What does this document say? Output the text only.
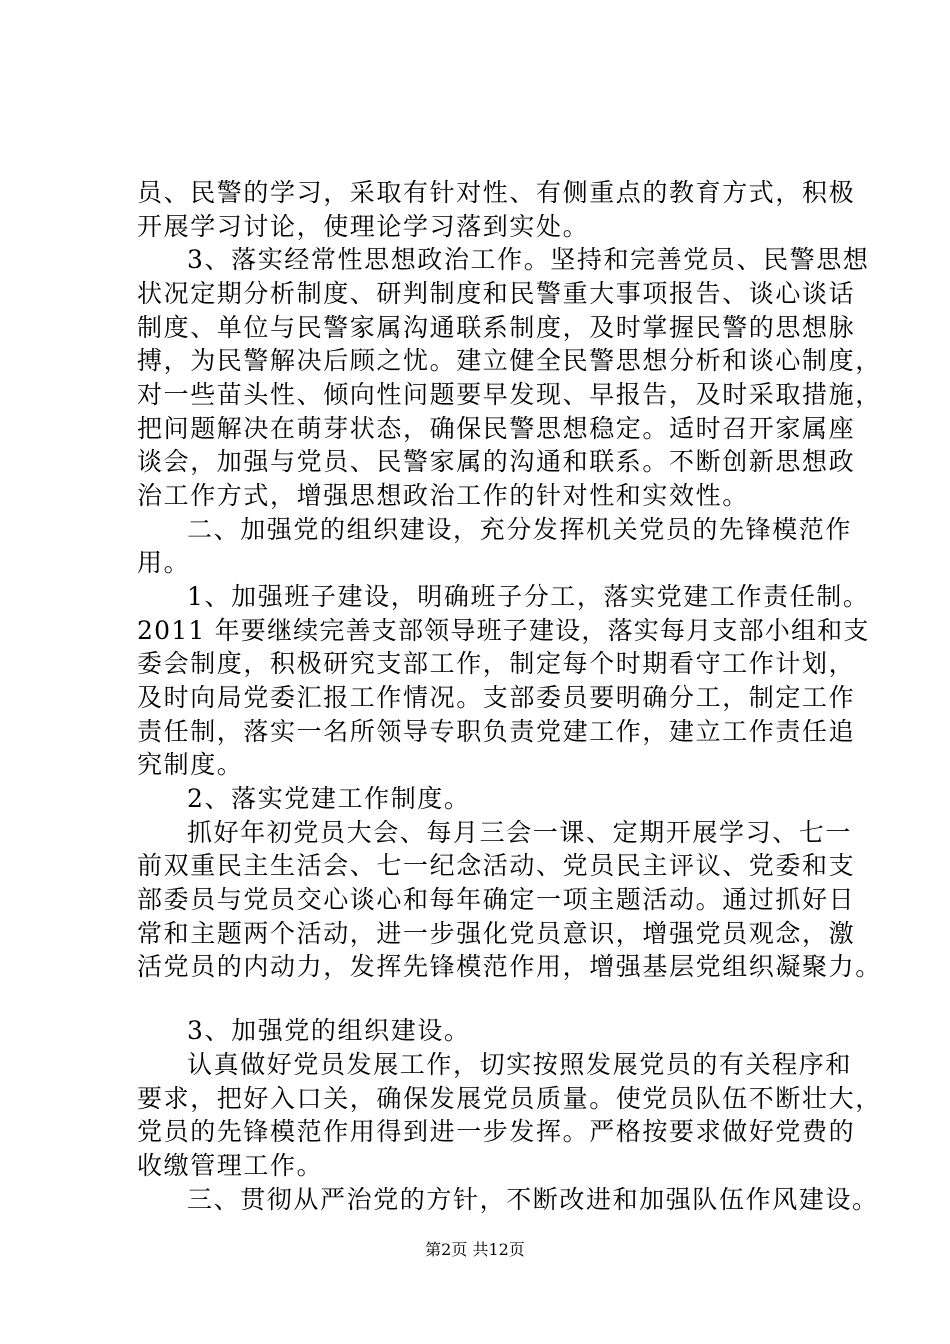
员、民警的学习，采取有针对性、有侧重点的教育方式，积极
开展学习讨论，使理论学习落到实处。
3、落实经常性思想政治工作。坚持和完善党员、民警思想
状况定期分析制度、研判制度和民警重大事项报告、谈心谈话
制度、单位与民警家属沟通联系制度，及时掌握民警的思想脉
搏，为民警解决后顾之忧。建立健全民警思想分析和谈心制度，
对一些苗头性、倾向性问题要早发现、早报告，及时采取措施，
把问题解决在萌芽状态，确保民警思想稳定。适时召开家属座
谈会，加强与党员、民警家属的沟通和联系。不断创新思想政
治工作方式，增强思想政治工作的针对性和实效性。
二、加强党的组织建设，充分发挥机关党员的先锋模范作
用。
1、加强班子建设，明确班子分工，落实党建工作责任制。
2011 年要继续完善支部领导班子建设，落实每月支部小组和支
委会制度，积极研究支部工作，制定每个时期看守工作计划，
及时向局党委汇报工作情况。支部委员要明确分工，制定工作
责任制，落实一名所领导专职负责党建工作，建立工作责任追
究制度。
2、落实党建工作制度。
抓好年初党员大会、每月三会一课、定期开展学习、七一
前双重民主生活会、七一纪念活动、党员民主评议、党委和支
部委员与党员交心谈心和每年确定一项主题活动。通过抓好日
常和主题两个活动，进一步强化党员意识，增强党员观念，激
活党员的内动力，发挥先锋模范作用，增强基层党组织凝聚力。
3、加强党的组织建设。
认真做好党员发展工作，切实按照发展党员的有关程序和
要求，把好入口关，确保发展党员质量。使党员队伍不断壮大，
党员的先锋模范作用得到进一步发挥。严格按要求做好党费的
收缴管理工作。
三、贯彻从严治党的方针，不断改进和加强队伍作风建设。
第2页 共12页
